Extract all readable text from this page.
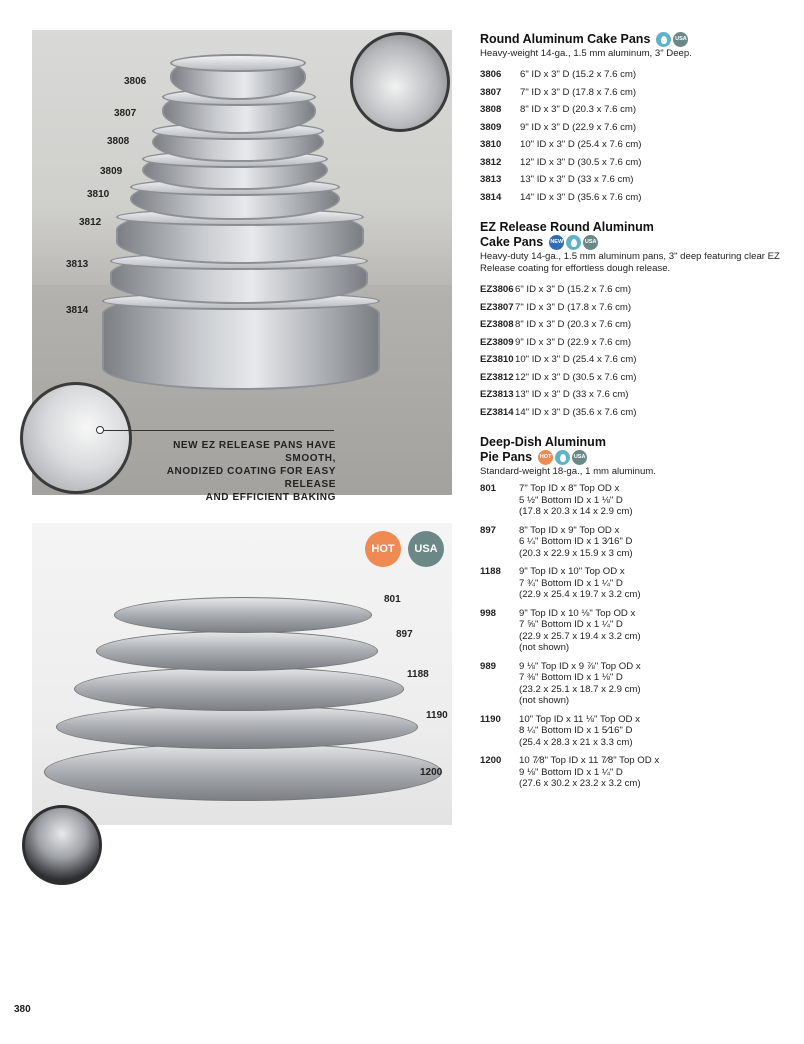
3806
3807
3808
3809
3810
3812
3813
3814
NEW EZ RELEASE PANS HAVE SMOOTH,
ANODIZED COATING FOR EASY RELEASE
AND EFFICIENT BAKING
801
897
1188
1190
1200
HOT	USA
Round Aluminum Cake Pans	USA
Heavy-weight 14-ga., 1.5 mm aluminum, 3" Deep.
3806	6" ID x 3" D (15.2 x 7.6 cm)
3807	7" ID x 3" D (17.8 x 7.6 cm)
3808	8" ID x 3" D (20.3 x 7.6 cm)
3809	9" ID x 3" D (22.9 x 7.6 cm)
3810	10" ID x 3" D (25.4 x 7.6 cm)
3812	12" ID x 3" D (30.5 x 7.6 cm)
3813	13" ID x 3" D (33 x 7.6 cm)
3814	14" ID x 3" D (35.6 x 7.6 cm)
EZ Release Round Aluminum
Cake Pans NEW	USA
Heavy-duty 14-ga., 1.5 mm aluminum pans, 3" deep featuring clear EZ Release coating for effortless dough release.
EZ3806 6" ID x 3" D (15.2 x 7.6 cm)
EZ3807 7" ID x 3" D (17.8 x 7.6 cm)
EZ3808 8" ID x 3" D (20.3 x 7.6 cm)
EZ3809 9" ID x 3" D (22.9 x 7.6 cm)
EZ3810 10" ID x 3" D (25.4 x 7.6 cm)
EZ3812 12" ID x 3" D (30.5 x 7.6 cm)
EZ3813 13" ID x 3" D (33 x 7.6 cm)
EZ3814 14" ID x 3" D (35.6 x 7.6 cm)
Deep-Dish Aluminum
Pie Pans	HOT	USA
Standard-weight 18-ga., 1 mm aluminum.
801	7" Top ID x 8" Top OD x
5 ½" Bottom ID x 1 ⅛" D
(17.8 x 20.3 x 14 x 2.9 cm)
897	8" Top ID x 9" Top OD x
6 ¼" Bottom ID x 1 3⁄16" D
(20.3 x 22.9 x 15.9 x 3 cm)
1188	9" Top ID x 10" Top OD x
7 ¾" Bottom ID x 1 ¼" D
(22.9 x 25.4 x 19.7 x 3.2 cm)
998	9" Top ID x 10 ⅛" Top OD x
7 ⅝" Bottom ID x 1 ¼" D
(22.9 x 25.7 x 19.4 x 3.2 cm)
(not shown)
989	9 ⅛" Top ID x 9 ⅞" Top OD x
7 ⅜" Bottom ID x 1 ⅛" D
(23.2 x 25.1 x 18.7 x 2.9 cm)
(not shown)
1190	10" Top ID x 11 ⅛" Top OD x
8 ¼" Bottom ID x 1 5⁄16" D
(25.4 x 28.3 x 21 x 3.3 cm)
1200	10 7⁄8" Top ID x 11 7⁄8" Top OD x
9 ⅛" Bottom ID x 1 ¼" D
(27.6 x 30.2 x 23.2 x 3.2 cm)
380
